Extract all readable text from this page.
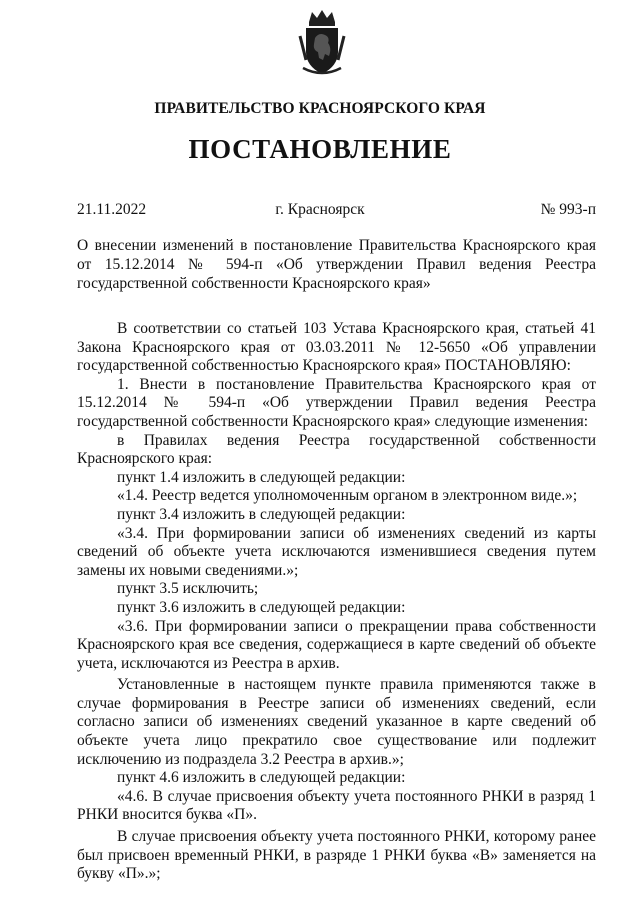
ПРАВИТЕЛЬСТВО КРАСНОЯРСКОГО КРАЯ
ПОСТАНОВЛЕНИЕ
21.11.2022	г. Красноярск	№ 993-п
О внесении изменений в постановление Правительства Красноярского края от 15.12.2014 № 594-п «Об утверждении Правил ведения Реестра государственной собственности Красноярского края»

В соответствии со статьей 103 Устава Красноярского края, статьей 41 Закона Красноярского края от 03.03.2011 № 12-5650 «Об управлении государственной собственностью Красноярского края» ПОСТАНОВЛЯЮ:

1. Внести в постановление Правительства Красноярского края от 15.12.2014 № 594-п «Об утверждении Правил ведения Реестра государственной собственности Красноярского края» следующие изменения:

в Правилах ведения Реестра государственной собственности Красноярского края:

пункт 1.4 изложить в следующей редакции:

«1.4. Реестр ведется уполномоченным органом в электронном виде.»;

пункт 3.4 изложить в следующей редакции:

«3.4. При формировании записи об изменениях сведений из карты сведений об объекте учета исключаются изменившиеся сведения путем замены их новыми сведениями.»;

пункт 3.5 исключить;

пункт 3.6 изложить в следующей редакции:

«3.6. При формировании записи о прекращении права собственности Красноярского края все сведения, содержащиеся в карте сведений об объекте учета, исключаются из Реестра в архив.

Установленные в настоящем пункте правила применяются также в случае формирования в Реестре записи об изменениях сведений, если согласно записи об изменениях сведений указанное в карте сведений об объекте учета лицо прекратило свое существование или подлежит исключению из подраздела 3.2 Реестра в архив.»;

пункт 4.6 изложить в следующей редакции:

«4.6. В случае присвоения объекту учета постоянного РНКИ в разряд 1 РНКИ вносится буква «П».

В случае присвоения объекту учета постоянного РНКИ, которому ранее был присвоен временный РНКИ, в разряде 1 РНКИ буква «В» заменяется на букву «П».»;
